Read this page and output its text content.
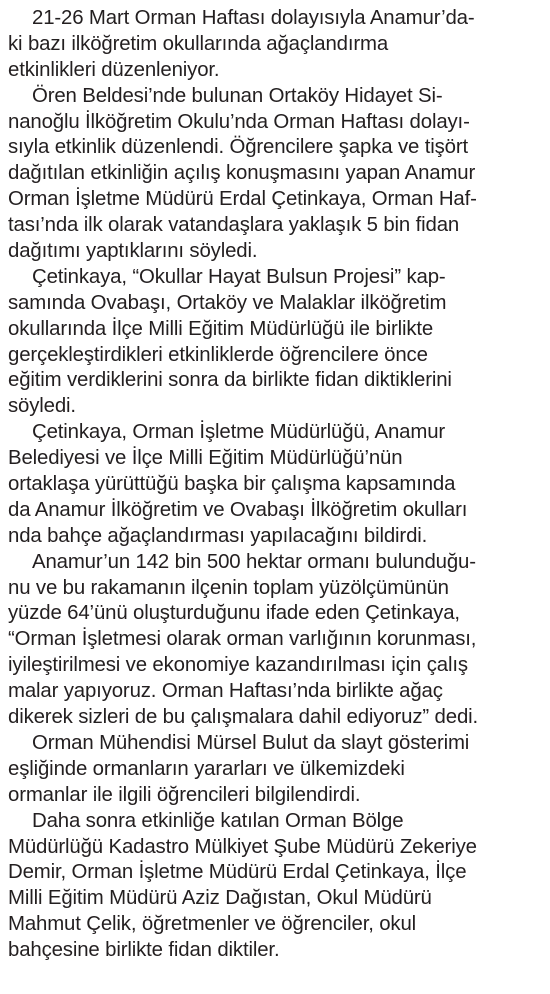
21-26 Mart Orman Haftası dolayısıyla Anamur’da-
ki bazı ilköğretim okullarında ağaçlandırma
etkinlikleri düzenleniyor.
Ören Beldesi’nde bulunan Ortaköy Hidayet Si-
nanoğlu İlköğretim Okulu’nda Orman Haftası dolayı-
sıyla etkinlik düzenlendi. Öğrencilere şapka ve tişört
dağıtılan etkinliğin açılış konuşmasını yapan Anamur
Orman İşletme Müdürü Erdal Çetinkaya, Orman Haf-
tası’nda ilk olarak vatandaşlara yaklaşık 5 bin fidan
dağıtımı yaptıklarını söyledi.
Çetinkaya, “Okullar Hayat Bulsun Projesi” kap-
samında Ovabaşı, Ortaköy ve Malaklar ilköğretim
okullarında İlçe Milli Eğitim Müdürlüğü ile birlikte
gerçekleştirdikleri etkinliklerde öğrencilere önce
eğitim verdiklerini sonra da birlikte fidan diktiklerini
söyledi.
Çetinkaya, Orman İşletme Müdürlüğü, Anamur
Belediyesi ve İlçe Milli Eğitim Müdürlüğü’nün
ortaklaşa yürüttüğü başka bir çalışma kapsamında
da Anamur İlköğretim ve Ovabaşı İlköğretim okulları
nda bahçe ağaçlandırması yapılacağını bildirdi.
Anamur’un 142 bin 500 hektar ormanı bulunduğu-
nu ve bu rakamanın ilçenin toplam yüzölçümünün
yüzde 64’ünü oluşturduğunu ifade eden Çetinkaya,
“Orman İşletmesi olarak orman varlığının korunması,
iyileştirilmesi ve ekonomiye kazandırılması için çalış
malar yapıyoruz. Orman Haftası’nda birlikte ağaç
dikerek sizleri de bu çalışmalara dahil ediyoruz” dedi.
Orman Mühendisi Mürsel Bulut da slayt gösterimi
eşliğinde ormanların yararları ve ülkemizdeki
ormanlar ile ilgili öğrencileri bilgilendirdi.
Daha sonra etkinliğe katılan Orman Bölge
Müdürlüğü Kadastro Mülkiyet Şube Müdürü Zekeriye
Demir, Orman İşletme Müdürü Erdal Çetinkaya, İlçe
Milli Eğitim Müdürü Aziz Dağıstan, Okul Müdürü
Mahmut Çelik, öğretmenler ve öğrenciler, okul
bahçesine birlikte fidan diktiler.
